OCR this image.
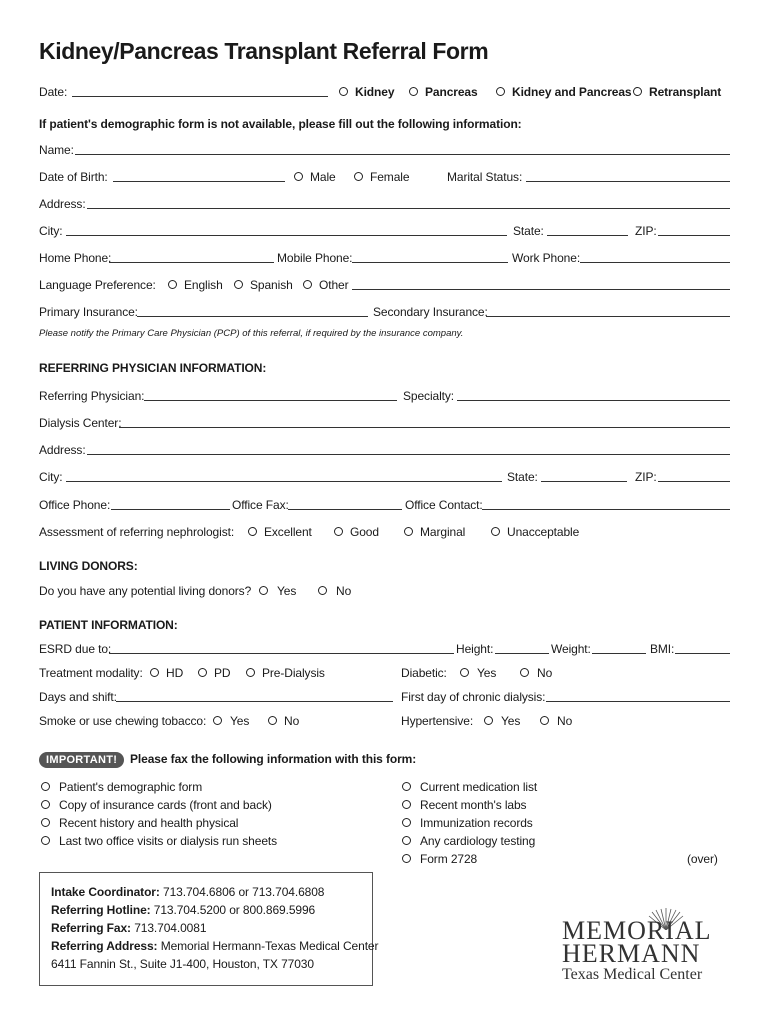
Kidney/Pancreas Transplant Referral Form
Date:	Kidney	Pancreas	Kidney and Pancreas Retransplant
If patient's demographic form is not available, please fill out the following information:
Name:
Date of Birth:	Male	Female	Marital Status:
Address:
City:	State:	ZIP:
Home Phone:	Mobile Phone:	Work Phone:
Language Preference: English Spanish Other
Primary Insurance:	Secondary Insurance:
Please notify the Primary Care Physician (PCP) of this referral, if required by the insurance company.
REFERRING PHYSICIAN INFORMATION:
Referring Physician:	Specialty:
Dialysis Center:
Address:
City:	State:	ZIP:
Office Phone:	Office Fax:	Office Contact:
Assessment of referring nephrologist: Excellent	Good	Marginal	Unacceptable
LIVING DONORS:
Do you have any potential living donors? Yes	No
PATIENT INFORMATION:
ESRD due to:	Height:	Weight:	BMI:
Treatment modality: HD	PD	Pre-Dialysis	Diabetic:	Yes	No
Days and shift:	First day of chronic dialysis:
Smoke or use chewing tobacco: Yes	No	Hypertensive: Yes	No
IMPORTANT!	Please fax the following information with this form:
Patient's demographic form
Copy of insurance cards (front and back)
Recent history and health physical
Last two office visits or dialysis run sheets
Current medication list
Recent month's labs
Immunization records
Any cardiology testing
Form 2728	(over)
Intake Coordinator: 713.704.6806 or 713.704.6808
Referring Hotline: 713.704.5200 or 800.869.5996
Referring Fax: 713.704.0081
Referring Address: Memorial Hermann-Texas Medical Center
6411 Fannin St., Suite J1-400, Houston, TX 77030
MEMORIAL
HERMANN
Texas Medical Center
